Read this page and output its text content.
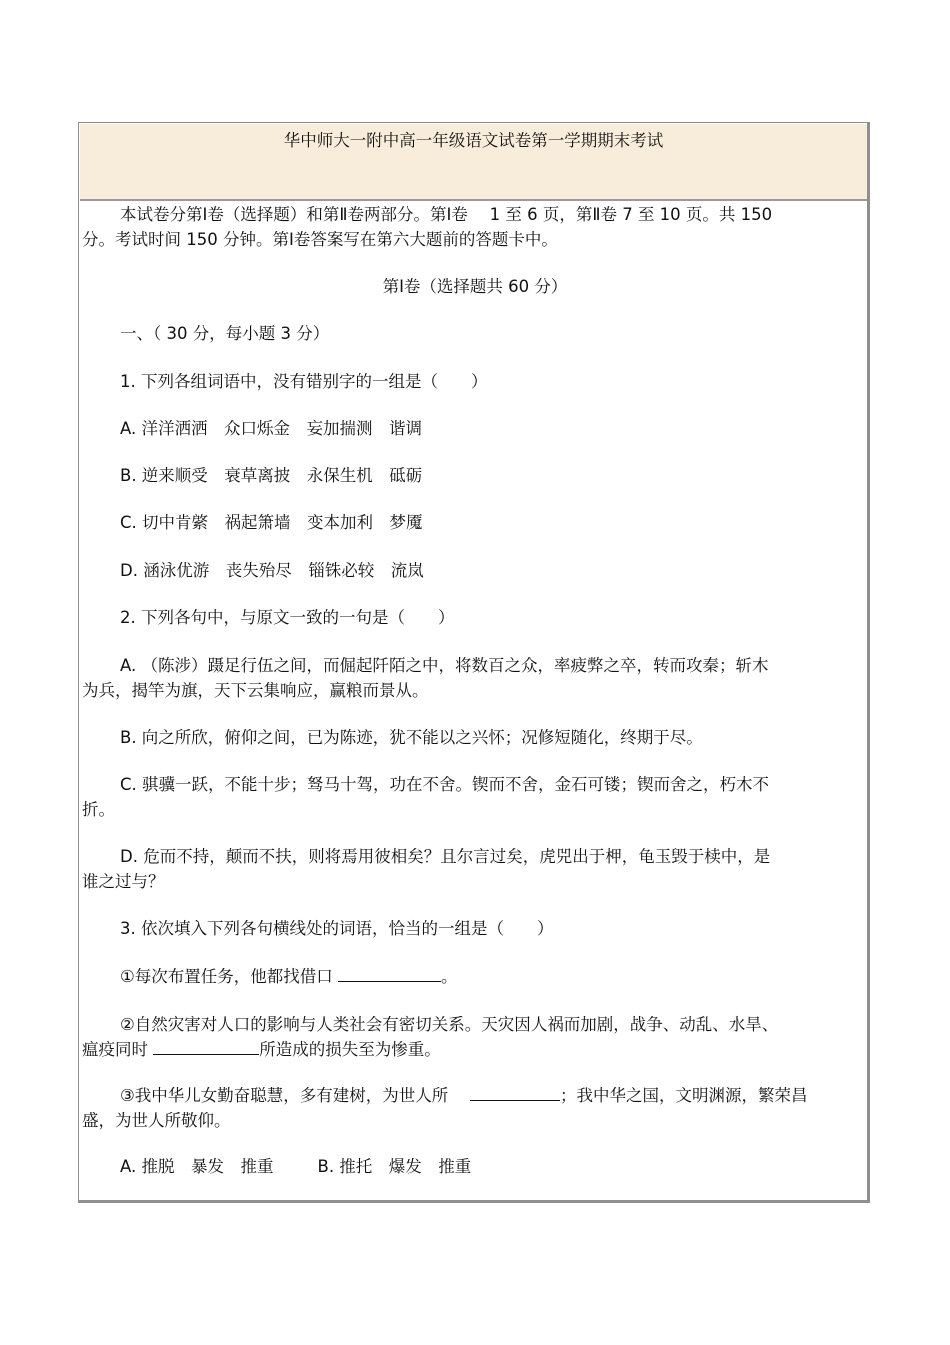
华中师大一附中高一年级语文试卷第一学期期末考试
本试卷分第Ⅰ卷（选择题）和第Ⅱ卷两部分。第Ⅰ卷　 1 至 6 页，第Ⅱ卷 7 至 10 页。共 150
分。考试时间 150 分钟。第Ⅰ卷答案写在第六大题前的答题卡中。
第Ⅰ卷（选择题共 60 分）
一、（ 30 分，每小题 3 分）
1. 下列各组词语中，没有错别字的一组是（　　）
A. 洋洋洒洒　众口烁金　妄加揣测　谐调
B. 逆来顺受　衰草离披　永保生机　砥砺
C. 切中肯綮　祸起箫墙　变本加利　梦魇
D. 涵泳优游　丧失殆尽　锱铢必较　流岚
2. 下列各句中，与原文一致的一句是（　　）
A. （陈涉）蹑足行伍之间，而倔起阡陌之中，将数百之众，率疲弊之卒，转而攻秦；斩木
为兵，揭竿为旗，天下云集响应，赢粮而景从。
B. 向之所欣，俯仰之间，已为陈迹，犹不能以之兴怀；况修短随化，终期于尽。
C. 骐骥一跃，不能十步；驽马十驾，功在不舍。锲而不舍，金石可镂；锲而舍之，朽木不
折。
D. 危而不持，颠而不扶，则将焉用彼相矣？且尔言过矣，虎兕出于柙，龟玉毁于椟中，是
谁之过与？
3. 依次填入下列各句横线处的词语，恰当的一组是（　　）
①每次布置任务，他都找借口	。
②自然灾害对人口的影响与人类社会有密切关系。天灾因人祸而加剧，战争、动乱、水旱、
瘟疫同时	所造成的损失至为惨重。
③我中华儿女勤奋聪慧，多有建树，为世人所　	；我中华之国，文明渊源，繁荣昌
盛，为世人所敬仰。
A. 推脱　暴发　推重	B. 推托　爆发　推重
